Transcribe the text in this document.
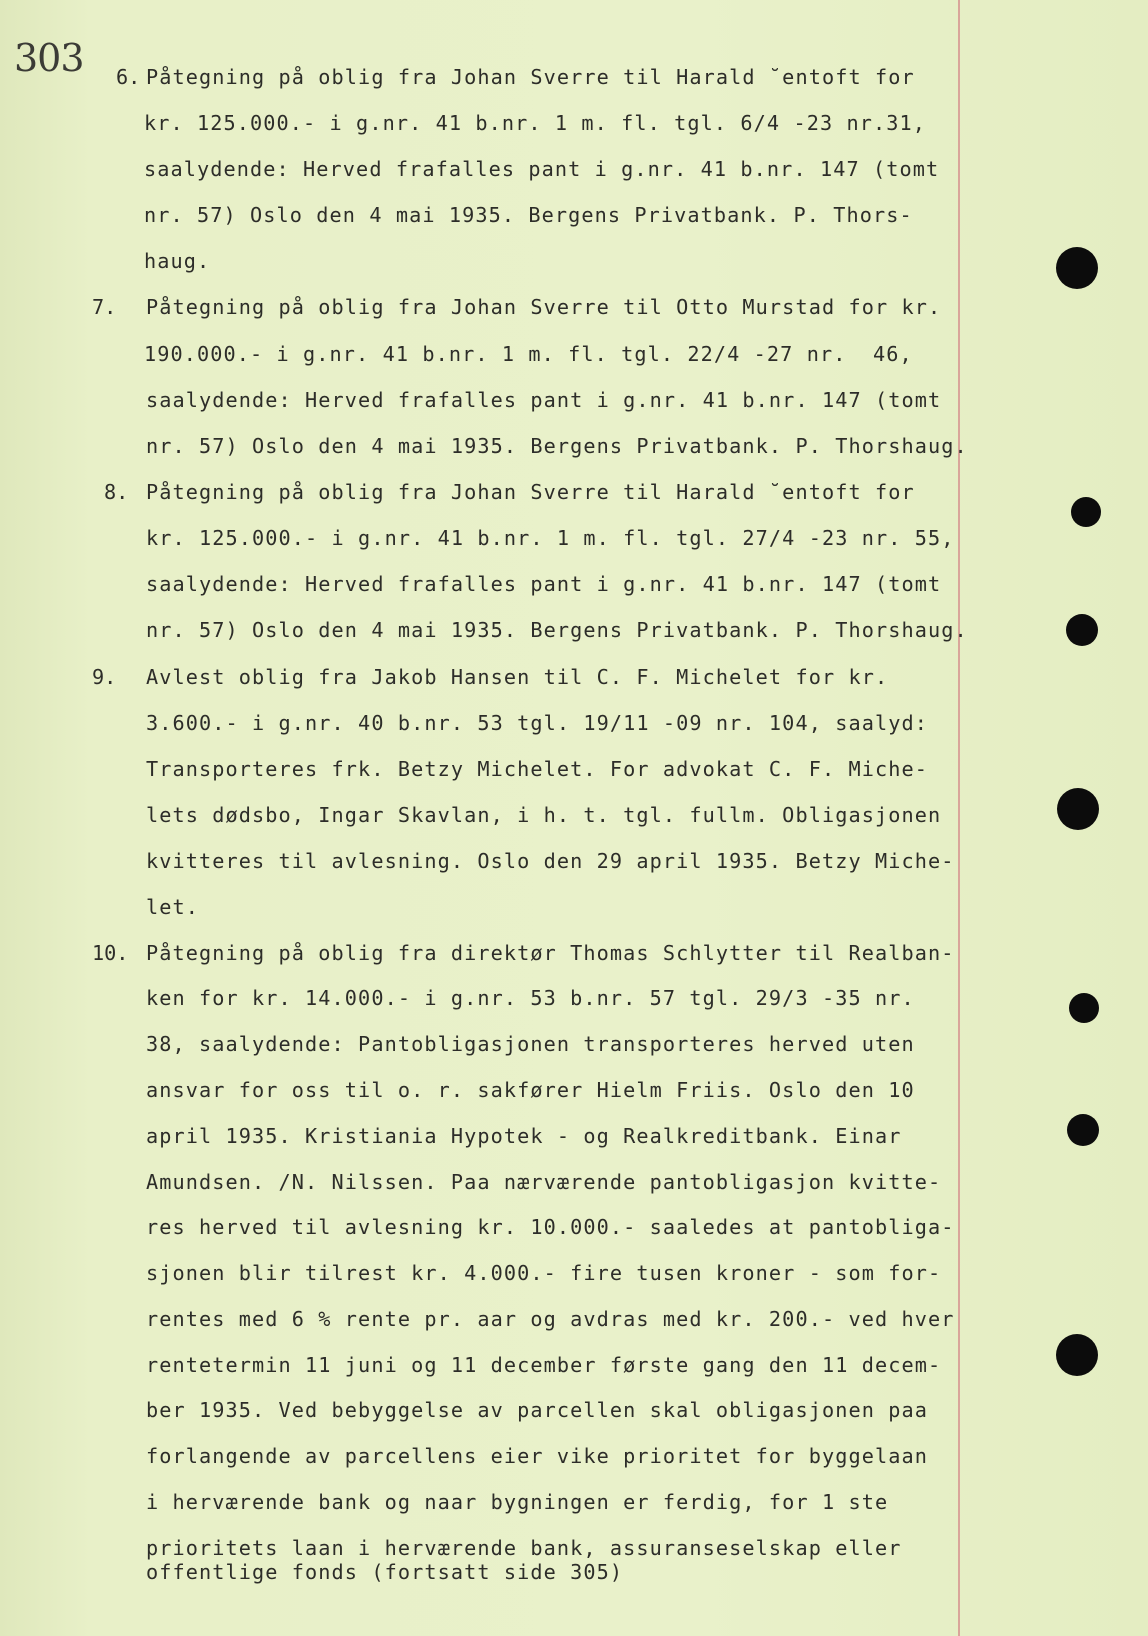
303 6. Påtegning på oblig fra Johan Sverre til Harald ˘entoft for
kr. 125.000.- i g.nr. 41 b.nr. 1 m. fl. tgl. 6/4 -23 nr.31,
saalydende: Herved frafalles pant i g.nr. 41 b.nr. 147 (tomt
nr. 57) Oslo den 4 mai 1935. Bergens Privatbank. P. Thors-
haug.
7. Påtegning på oblig fra Johan Sverre til Otto Murstad for kr.
190.000.- i g.nr. 41 b.nr. 1 m. fl. tgl. 22/4 -27 nr.  46,
saalydende: Herved frafalles pant i g.nr. 41 b.nr. 147 (tomt
nr. 57) Oslo den 4 mai 1935. Bergens Privatbank. P. Thorshaug.
8. Påtegning på oblig fra Johan Sverre til Harald ˘entoft for
kr. 125.000.- i g.nr. 41 b.nr. 1 m. fl. tgl. 27/4 -23 nr. 55,
saalydende: Herved frafalles pant i g.nr. 41 b.nr. 147 (tomt
nr. 57) Oslo den 4 mai 1935. Bergens Privatbank. P. Thorshaug.
9. Avlest oblig fra Jakob Hansen til C. F. Michelet for kr.
3.600.- i g.nr. 40 b.nr. 53 tgl. 19/11 -09 nr. 104, saalyd:
Transporteres frk. Betzy Michelet. For advokat C. F. Miche-
lets dødsbo, Ingar Skavlan, i h. t. tgl. fullm. Obligasjonen
kvitteres til avlesning. Oslo den 29 april 1935. Betzy Miche-
let.
10. Påtegning på oblig fra direktør Thomas Schlytter til Realban-
ken for kr. 14.000.- i g.nr. 53 b.nr. 57 tgl. 29/3 -35 nr.
38, saalydende: Pantobligasjonen transporteres herved uten
ansvar for oss til o. r. sakfører Hielm Friis. Oslo den 10
april 1935. Kristiania Hypotek - og Realkreditbank. Einar
Amundsen. /N. Nilssen. Paa nærværende pantobligasjon kvitte-
res herved til avlesning kr. 10.000.- saaledes at pantobliga-
sjonen blir tilrest kr. 4.000.- fire tusen kroner - som for-
rentes med 6 % rente pr. aar og avdras med kr. 200.- ved hver
rentetermin 11 juni og 11 december første gang den 11 decem-
ber 1935. Ved bebyggelse av parcellen skal obligasjonen paa
forlangende av parcellens eier vike prioritet for byggelaan
i herværende bank og naar bygningen er ferdig, for 1 ste
prioritets laan i herværende bank, assuranseselskap eller
offentlige fonds (fortsatt side 305)
